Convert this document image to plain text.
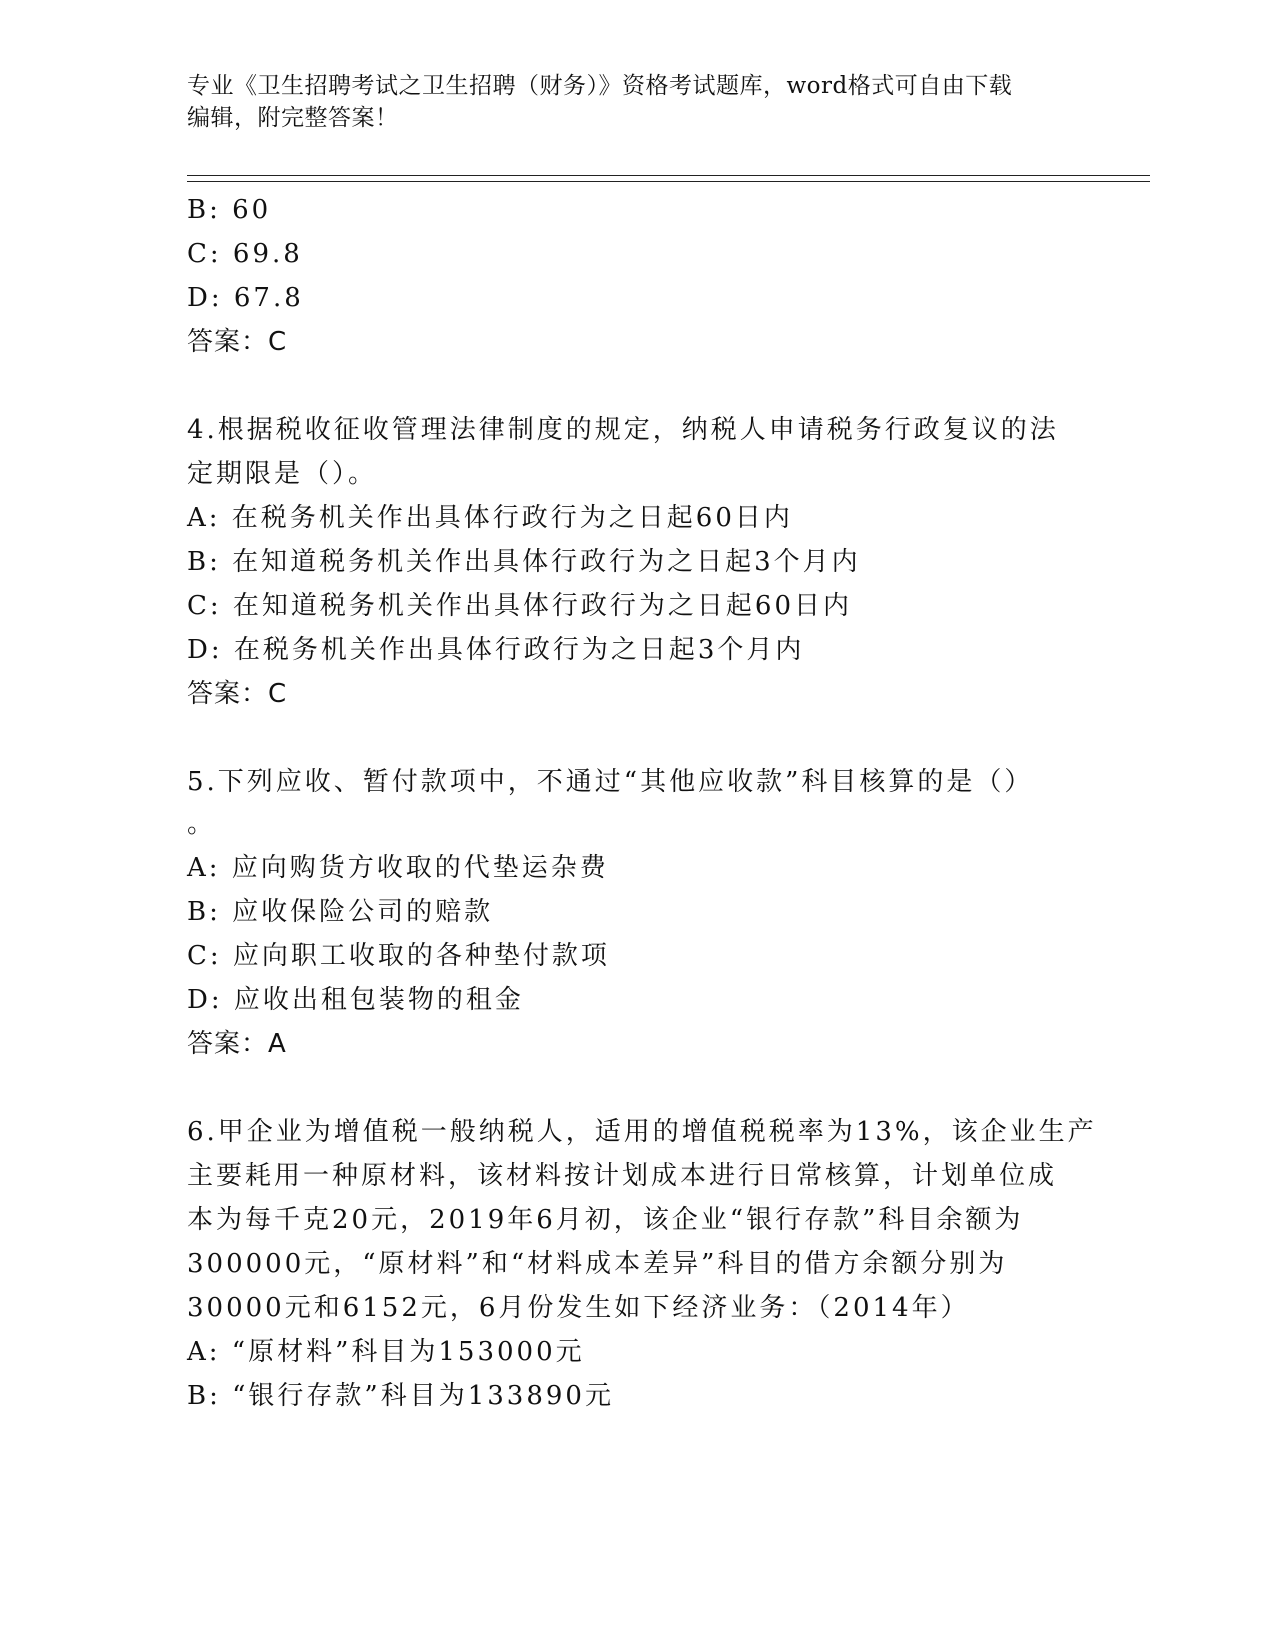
专业《卫生招聘考试之卫生招聘（财务）》资格考试题库，word格式可自由下载
编辑，附完整答案！
B: 60
C: 69.8
D: 67.8
答案：C
4.根据税收征收管理法律制度的规定，纳税人申请税务行政复议的法
定期限是（）。
A: 在税务机关作出具体行政行为之日起60日内
B: 在知道税务机关作出具体行政行为之日起3个月内
C: 在知道税务机关作出具体行政行为之日起60日内
D: 在税务机关作出具体行政行为之日起3个月内
答案：C
5.下列应收、暂付款项中，不通过“其他应收款”科目核算的是（）
。
A: 应向购货方收取的代垫运杂费
B: 应收保险公司的赔款
C: 应向职工收取的各种垫付款项
D: 应收出租包装物的租金
答案：A
6.甲企业为增值税一般纳税人，适用的增值税税率为13%，该企业生产
主要耗用一种原材料，该材料按计划成本进行日常核算，计划单位成
本为每千克20元，2019年6月初，该企业“银行存款”科目余额为
300000元，“原材料”和“材料成本差异”科目的借方余额分别为
30000元和6152元，6月份发生如下经济业务：（2014年）
A: “原材料”科目为153000元
B: “银行存款”科目为133890元
